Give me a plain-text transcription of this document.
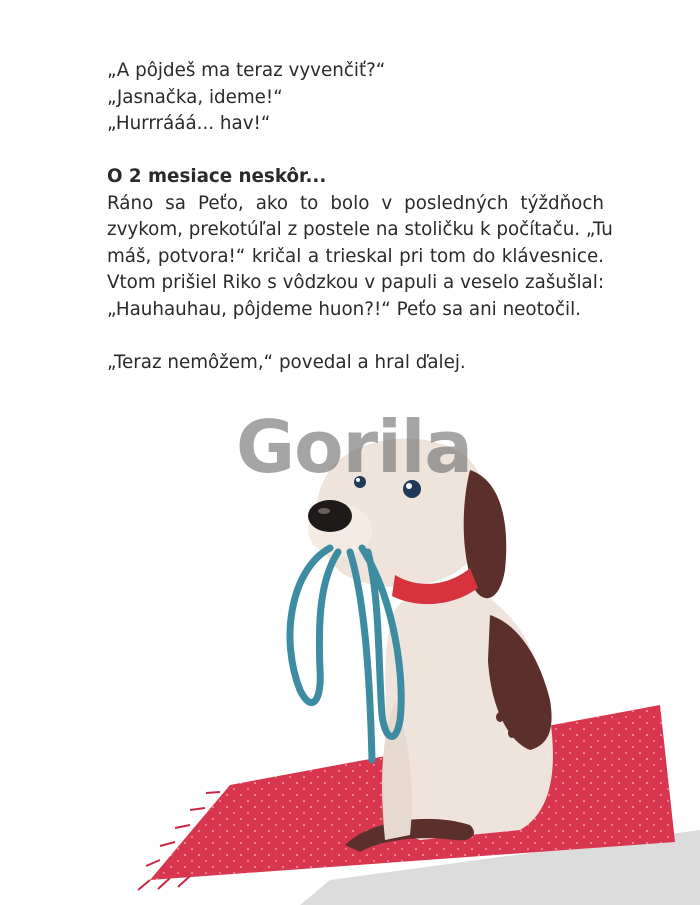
„A pôjdeš ma teraz vyvenčiť?“
„Jasnačka, ideme!“
„Hurrrááá... hav!“

O 2 mesiace neskôr...

Ráno sa Peťo, ako to bolo v posledných týždňoch
zvykom, prekotúľal z postele na stoličku k počítaču. „Tu
máš, potvora!“ kričal a trieskal pri tom do klávesnice.
Vtom prišiel Riko s vôdzkou v papuli a veselo zašušlal:
„Hauhauhau, pôjdeme huon?!“ Peťo sa ani neotočil.

„Teraz nemôžem,“ povedal a hral ďalej.

Gorila
